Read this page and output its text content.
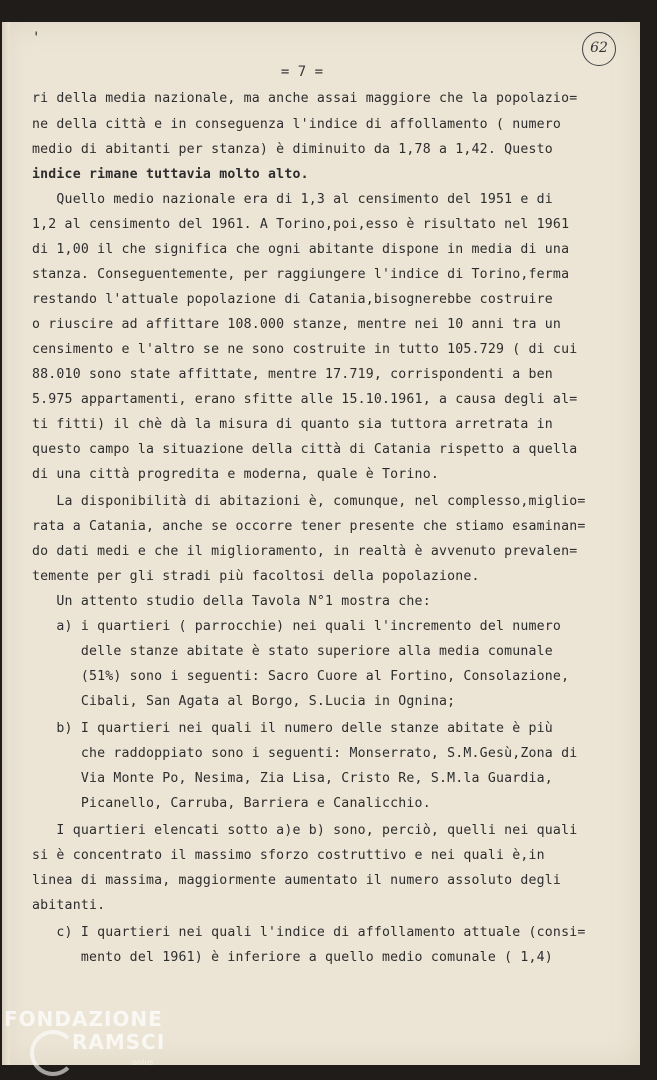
'
62
= 7 =

ri della media nazionale, ma anche assai maggiore che la popolazio=

ne della città e in conseguenza l'indice di affollamento ( numero

medio di abitanti per stanza) è diminuito da 1,78 a 1,42. Questo

indice rimane tuttavia molto alto.

Quello medio nazionale era di 1,3 al censimento del 1951 e di

1,2 al censimento del 1961. A Torino,poi,esso è risultato nel 1961

di 1,00 il che significa che ogni abitante dispone in media di una

stanza. Conseguentemente, per raggiungere l'indice di Torino,ferma

restando l'attuale popolazione di Catania,bisognerebbe costruire

o riuscire ad affittare 108.000 stanze, mentre nei 10 anni tra un

censimento e l'altro se ne sono costruite in tutto 105.729 ( di cui

88.010 sono state affittate, mentre 17.719, corrispondenti a ben

5.975 appartamenti, erano sfitte alle 15.10.1961, a causa degli al=

ti fitti) il chè dà la misura di quanto sia tuttora arretrata in

questo campo la situazione della città di Catania rispetto a quella

di una città progredita e moderna, quale è Torino.

La disponibilità di abitazioni è, comunque, nel complesso,miglio=

rata a Catania, anche se occorre tener presente che stiamo esaminan=

do dati medi e che il miglioramento, in realtà è avvenuto prevalen=

temente per gli stradi più facoltosi della popolazione.

Un attento studio della Tavola N°1 mostra che:

a) i quartieri ( parrocchie) nei quali l'incremento del numero

delle stanze abitate è stato superiore alla media comunale

(51%) sono i seguenti: Sacro Cuore al Fortino, Consolazione,

Cibali, San Agata al Borgo, S.Lucia in Ognina;

b) I quartieri nei quali il numero delle stanze abitate è più

che raddoppiato sono i seguenti: Monserrato, S.M.Gesù,Zona di

Via Monte Po, Nesima, Zia Lisa, Cristo Re, S.M.la Guardia,

Picanello, Carruba, Barriera e Canalicchio.

I quartieri elencati sotto a)e b) sono, perciò, quelli nei quali

si è concentrato il massimo sforzo costruttivo e nei quali è,in

linea di massima, maggiormente aumentato il numero assoluto degli

abitanti.

c) I quartieri nei quali l'indice di affollamento attuale (consi=

mento del 1961) è inferiore a quello medio comunale ( 1,4)

FONDAZIONE
RAMSCI
onlus
